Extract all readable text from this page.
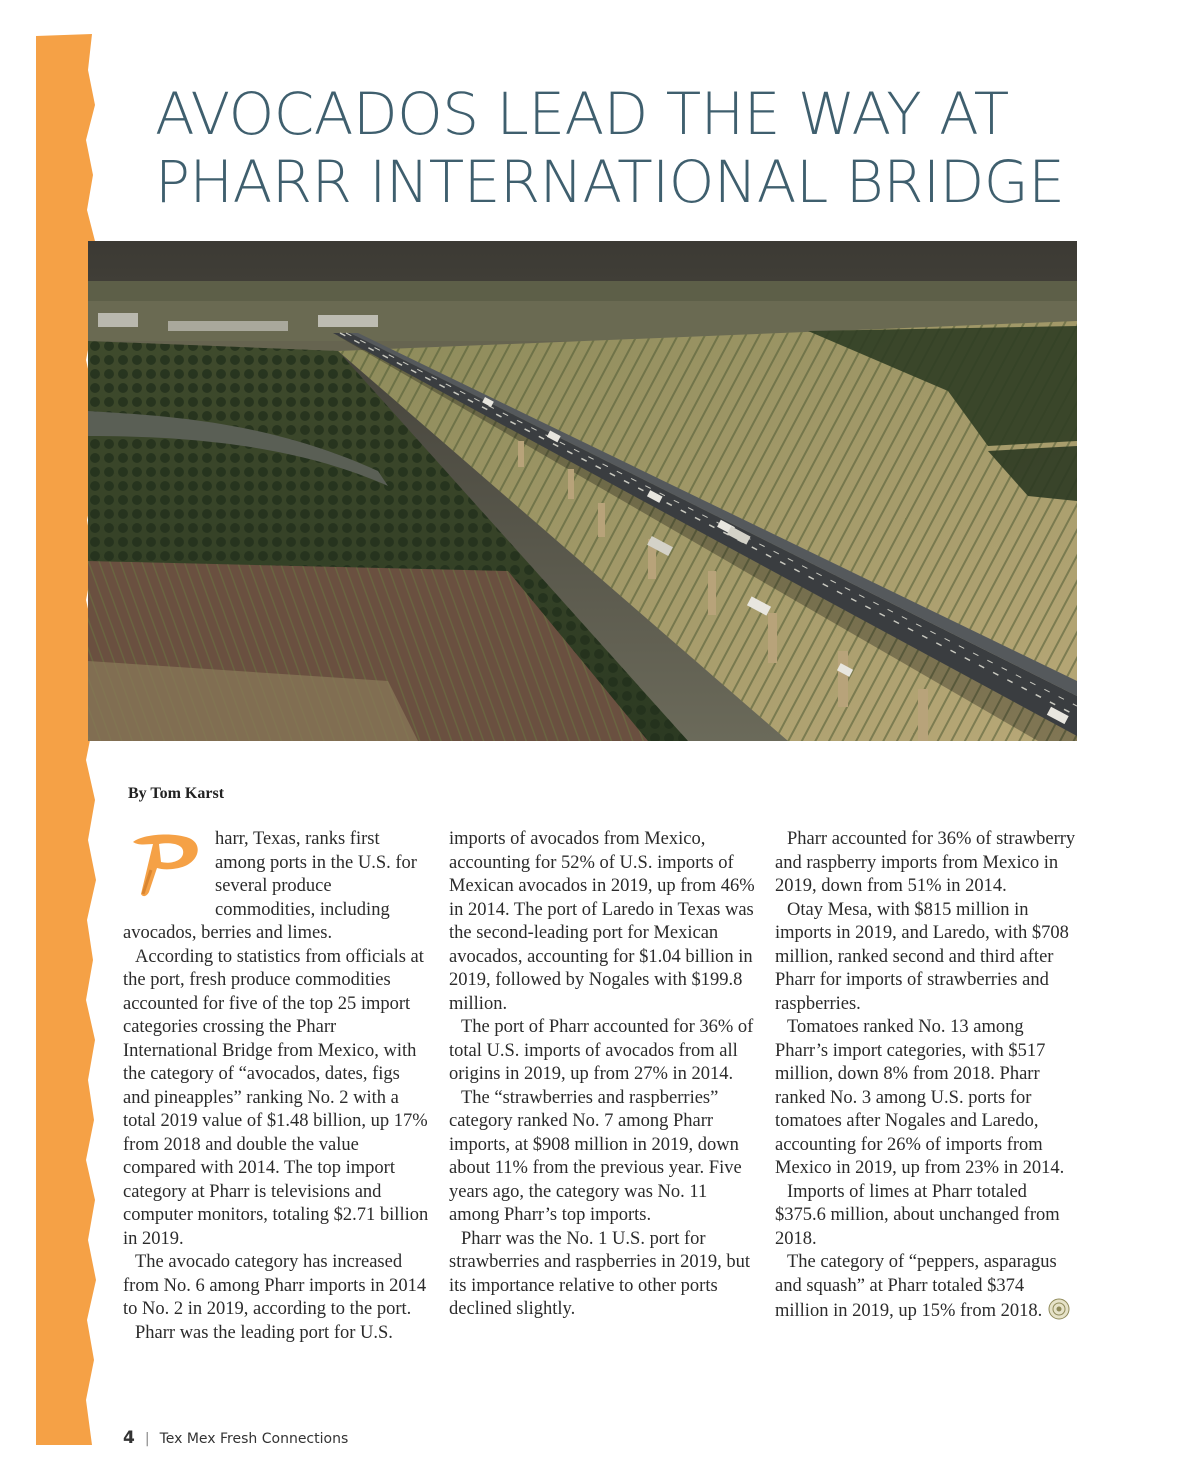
AVOCADOS LEAD THE WAY AT
PHARR INTERNATIONAL BRIDGE
By Tom Karst

harr, Texas, ranks first among ports in the U.S. for several produce commodities, including avocados, berries and limes.

According to statistics from officials at the port, fresh produce commodities accounted for five of the top 25 import categories crossing the Pharr International Bridge from Mexico, with the category of “avocados, dates, figs and pineapples” ranking No. 2 with a total 2019 value of $1.48 billion, up 17% from 2018 and double the value compared with 2014. The top import category at Pharr is televisions and computer monitors, totaling $2.71 billion in 2019.

The avocado category has increased from No. 6 among Pharr imports in 2014 to No. 2 in 2019, according to the port.

Pharr was the leading port for U.S.

imports of avocados from Mexico, accounting for 52% of U.S. imports of Mexican avocados in 2019, up from 46% in 2014. The port of Laredo in Texas was the second-leading port for Mexican avocados, accounting for $1.04 billion in 2019, followed by Nogales with $199.8 million.

The port of Pharr accounted for 36% of total U.S. imports of avocados from all origins in 2019, up from 27% in 2014.

The “strawberries and raspberries” category ranked No. 7 among Pharr imports, at $908 million in 2019, down about 11% from the previous year. Five years ago, the category was No. 11 among Pharr’s top imports.

Pharr was the No. 1 U.S. port for strawberries and raspberries in 2019, but its importance relative to other ports declined slightly.

Pharr accounted for 36% of strawberry and raspberry imports from Mexico in 2019, down from 51% in 2014.

Otay Mesa, with $815 million in imports in 2019, and Laredo, with $708 million, ranked second and third after Pharr for imports of strawberries and raspberries.

Tomatoes ranked No. 13 among Pharr’s import categories, with $517 million, down 8% from 2018. Pharr ranked No. 3 among U.S. ports for tomatoes after Nogales and Laredo, accounting for 26% of imports from Mexico in 2019, up from 23% in 2014.

Imports of limes at Pharr totaled $375.6 million, about unchanged from 2018.

The category of “peppers, asparagus and squash” at Pharr totaled $374 million in 2019, up 15% from 2018.

4 | Tex Mex Fresh Connections
